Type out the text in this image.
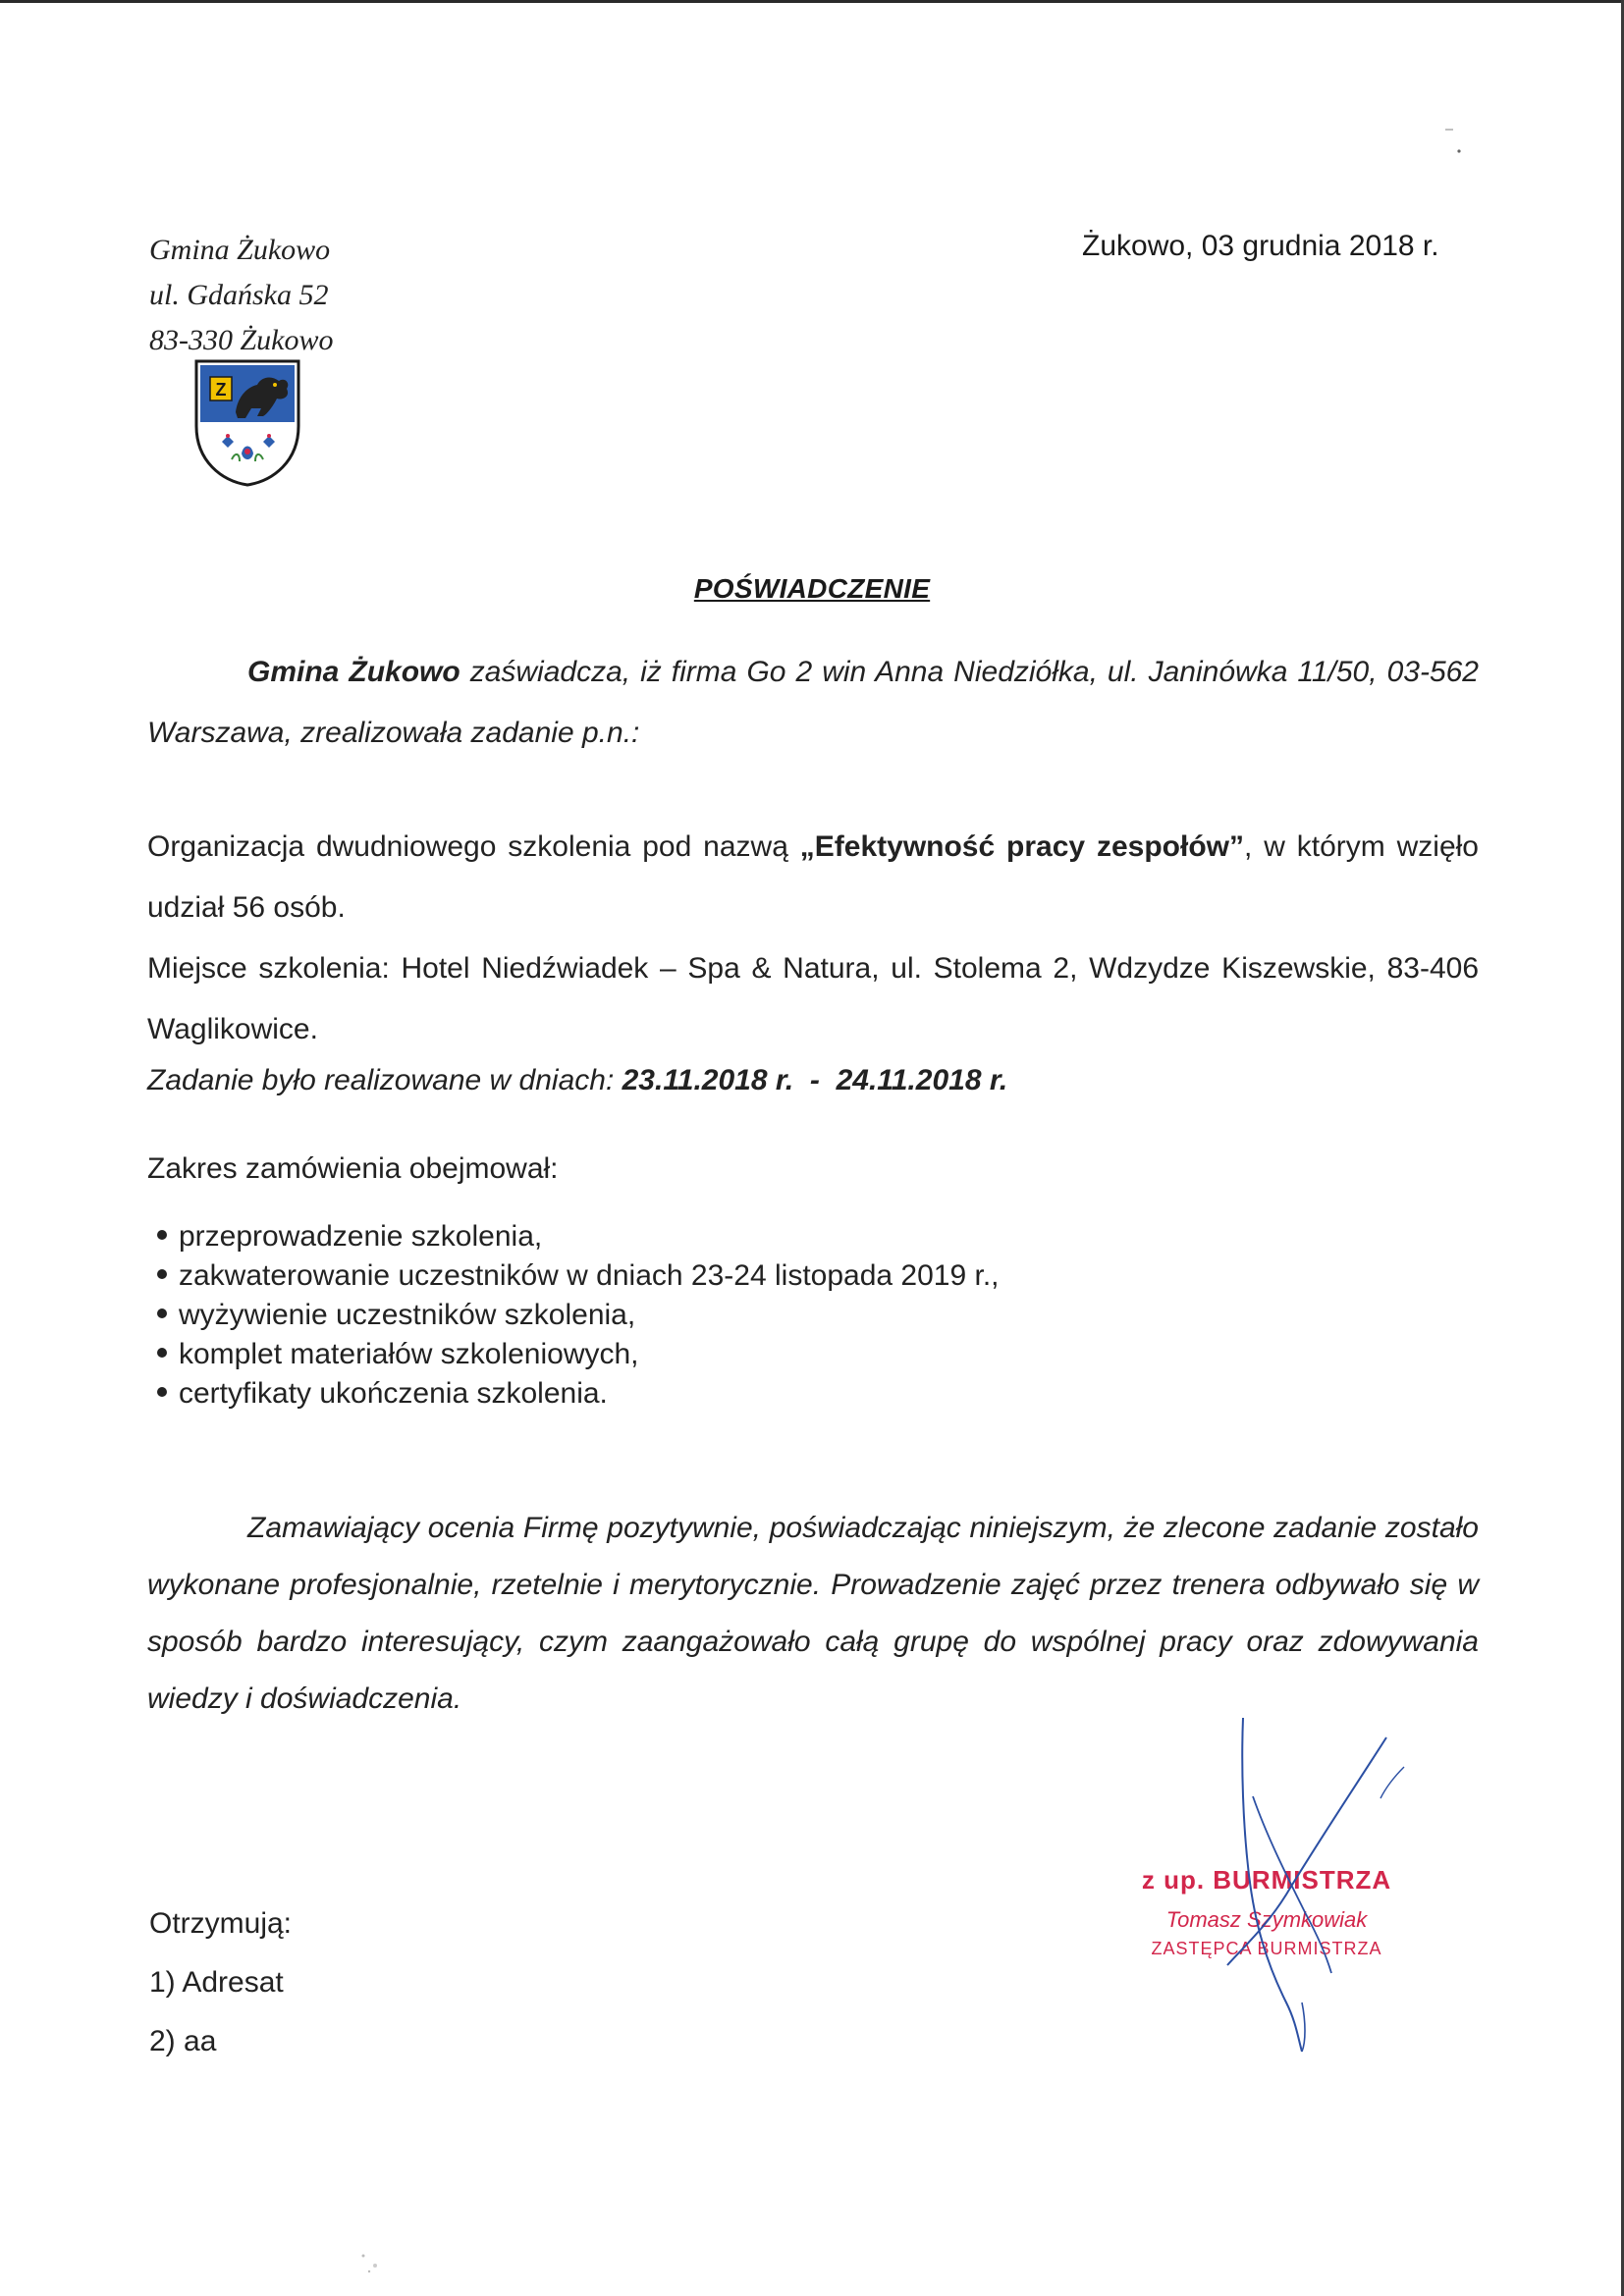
Gmina Żukowo
ul. Gdańska 52
83-330 Żukowo
Żukowo, 03 grudnia 2018 r.
Z
POŚWIADCZENIE
Gmina Żukowo zaświadcza, iż firma Go 2 win Anna Niedziółka, ul. Janinówka 11/50, 03-562 Warszawa, zrealizowała zadanie p.n.:
Organizacja dwudniowego szkolenia pod nazwą „Efektywność pracy zespołów”, w którym wzięło udział 56 osób.
Miejsce szkolenia: Hotel Niedźwiadek – Spa & Natura, ul. Stolema 2, Wdzydze Kiszewskie, 83-406 Waglikowice.
Zadanie było realizowane w dniach: 23.11.2018 r.  -  24.11.2018 r.
Zakres zamówienia obejmował:
przeprowadzenie szkolenia,
zakwaterowanie uczestników w dniach 23-24 listopada 2019 r.,
wyżywienie uczestników szkolenia,
komplet materiałów szkoleniowych,
certyfikaty ukończenia szkolenia.
Zamawiający ocenia Firmę pozytywnie, poświadczając niniejszym, że zlecone zadanie zostało wykonane profesjonalnie, rzetelnie i merytorycznie. Prowadzenie zajęć przez trenera odbywało się w sposób bardzo interesujący, czym zaangażowało całą grupę do wspólnej pracy oraz zdowywania wiedzy i doświadczenia.
Otrzymują:
1) Adresat
2) aa
z up. BURMISTRZA
Tomasz Szymkowiak
ZASTĘPCA BURMISTRZA
